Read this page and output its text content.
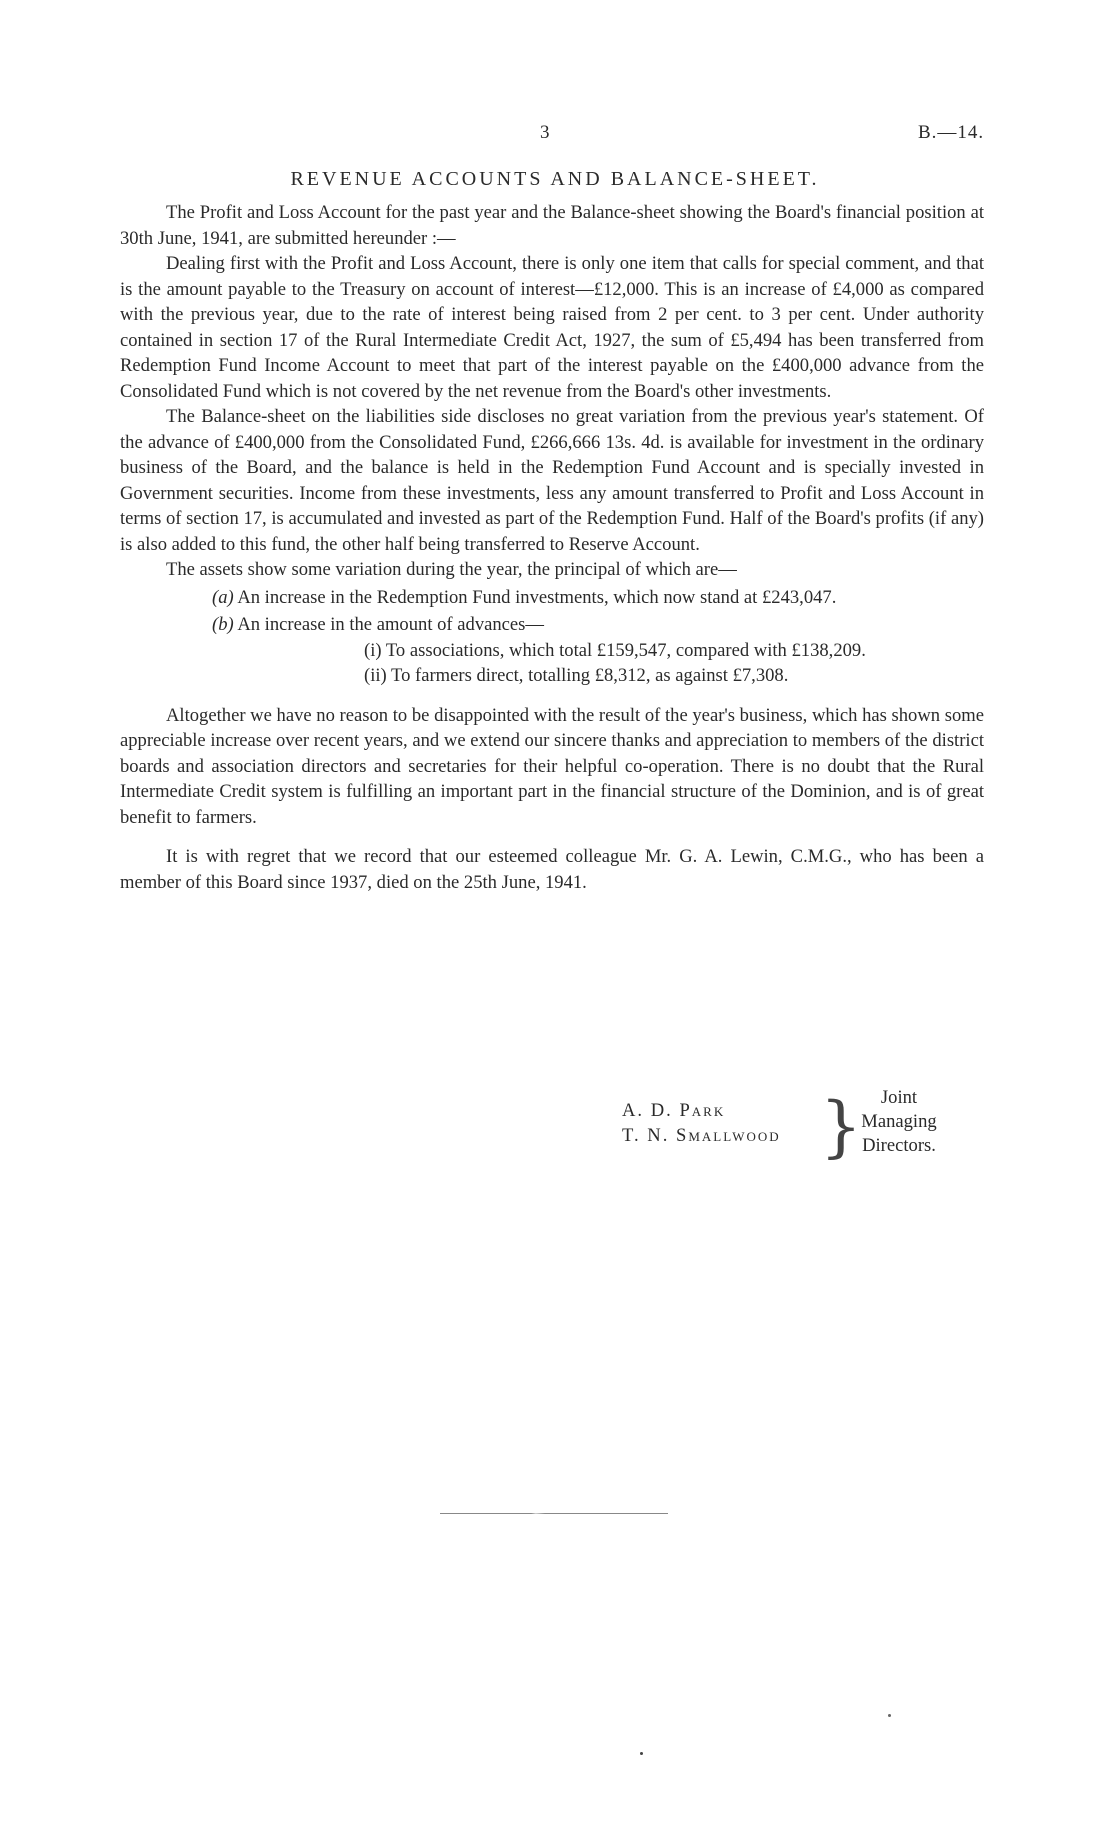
3	B.—14.
REVENUE ACCOUNTS AND BALANCE-SHEET.

The Profit and Loss Account for the past year and the Balance-sheet showing the Board's financial position at 30th June, 1941, are submitted hereunder :—

Dealing first with the Profit and Loss Account, there is only one item that calls for special comment, and that is the amount payable to the Treasury on account of interest—£12,000. This is an increase of £4,000 as compared with the previous year, due to the rate of interest being raised from 2 per cent. to 3 per cent. Under authority contained in section 17 of the Rural Intermediate Credit Act, 1927, the sum of £5,494 has been transferred from Redemption Fund Income Account to meet that part of the interest payable on the £400,000 advance from the Consolidated Fund which is not covered by the net revenue from the Board's other investments.

The Balance-sheet on the liabilities side discloses no great variation from the previous year's statement. Of the advance of £400,000 from the Consolidated Fund, £266,666 13s. 4d. is available for investment in the ordinary business of the Board, and the balance is held in the Redemption Fund Account and is specially invested in Government securities. Income from these investments, less any amount transferred to Profit and Loss Account in terms of section 17, is accumulated and invested as part of the Redemption Fund. Half of the Board's profits (if any) is also added to this fund, the other half being transferred to Reserve Account.

The assets show some variation during the year, the principal of which are—

(a) An increase in the Redemption Fund investments, which now stand at £243,047.
(b) An increase in the amount of advances—
(i) To associations, which total £159,547, compared with £138,209.
(ii) To farmers direct, totalling £8,312, as against £7,308.

Altogether we have no reason to be disappointed with the result of the year's business, which has shown some appreciable increase over recent years, and we extend our sincere thanks and appreciation to members of the district boards and association directors and secretaries for their helpful co-operation. There is no doubt that the Rural Intermediate Credit system is fulfilling an important part in the financial structure of the Dominion, and is of great benefit to farmers.

It is with regret that we record that our esteemed colleague Mr. G. A. Lewin, C.M.G., who has been a member of this Board since 1937, died on the 25th June, 1941.

A. D. Park
T. N. Smallwood }	Joint
Managing
Directors.
